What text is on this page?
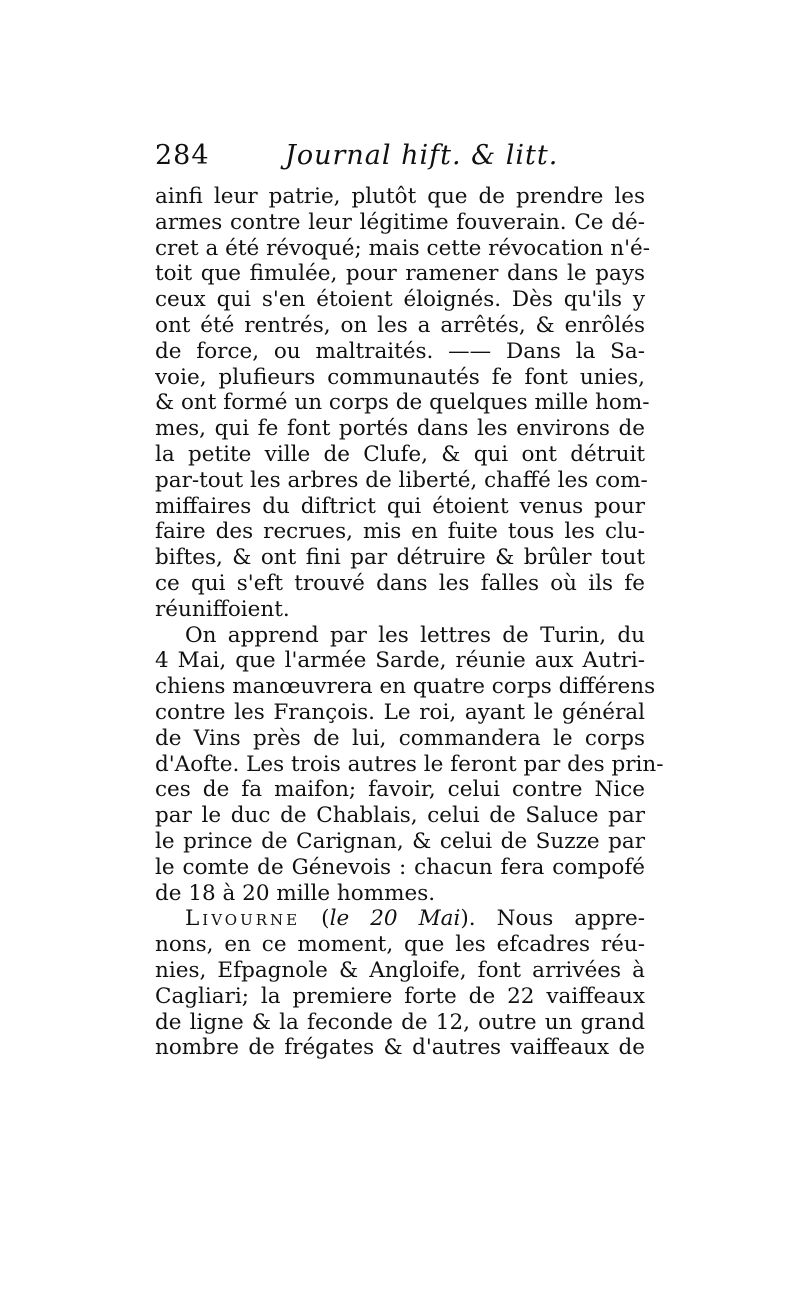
284	Journal hift. & litt.
ainfi leur patrie, plutôt que de prendre les
armes contre leur légitime fouverain. Ce dé-
cret a été révoqué; mais cette révocation n'é-
toit que fimulée, pour ramener dans le pays
ceux qui s'en étoient éloignés. Dès qu'ils y
ont été rentrés, on les a arrêtés, & enrôlés
de force, ou maltraités. —— Dans la Sa-
voie, plufieurs communautés fe font unies,
& ont formé un corps de quelques mille hom-
mes, qui fe font portés dans les environs de
la petite ville de Clufe, & qui ont détruit
par-tout les arbres de liberté, chaffé les com-
miffaires du diftrict qui étoient venus pour
faire des recrues, mis en fuite tous les clu-
biftes, & ont fini par détruire & brûler tout
ce qui s'eft trouvé dans les falles où ils fe
réuniffoient.
On apprend par les lettres de Turin, du
4 Mai, que l'armée Sarde, réunie aux Autri-
chiens manœuvrera en quatre corps différens
contre les François. Le roi, ayant le général
de Vins près de lui, commandera le corps
d'Aofte. Les trois autres le feront par des prin-
ces de fa maifon; favoir, celui contre Nice
par le duc de Chablais, celui de Saluce par
le prince de Carignan, & celui de Suzze par
le comte de Génevois : chacun fera compofé
de 18 à 20 mille hommes.
Livourne (le 20 Mai). Nous appre-
nons, en ce moment, que les efcadres réu-
nies, Efpagnole & Angloife, font arrivées à
Cagliari; la premiere forte de 22 vaiffeaux
de ligne & la feconde de 12, outre un grand
nombre de frégates & d'autres vaiffeaux de
